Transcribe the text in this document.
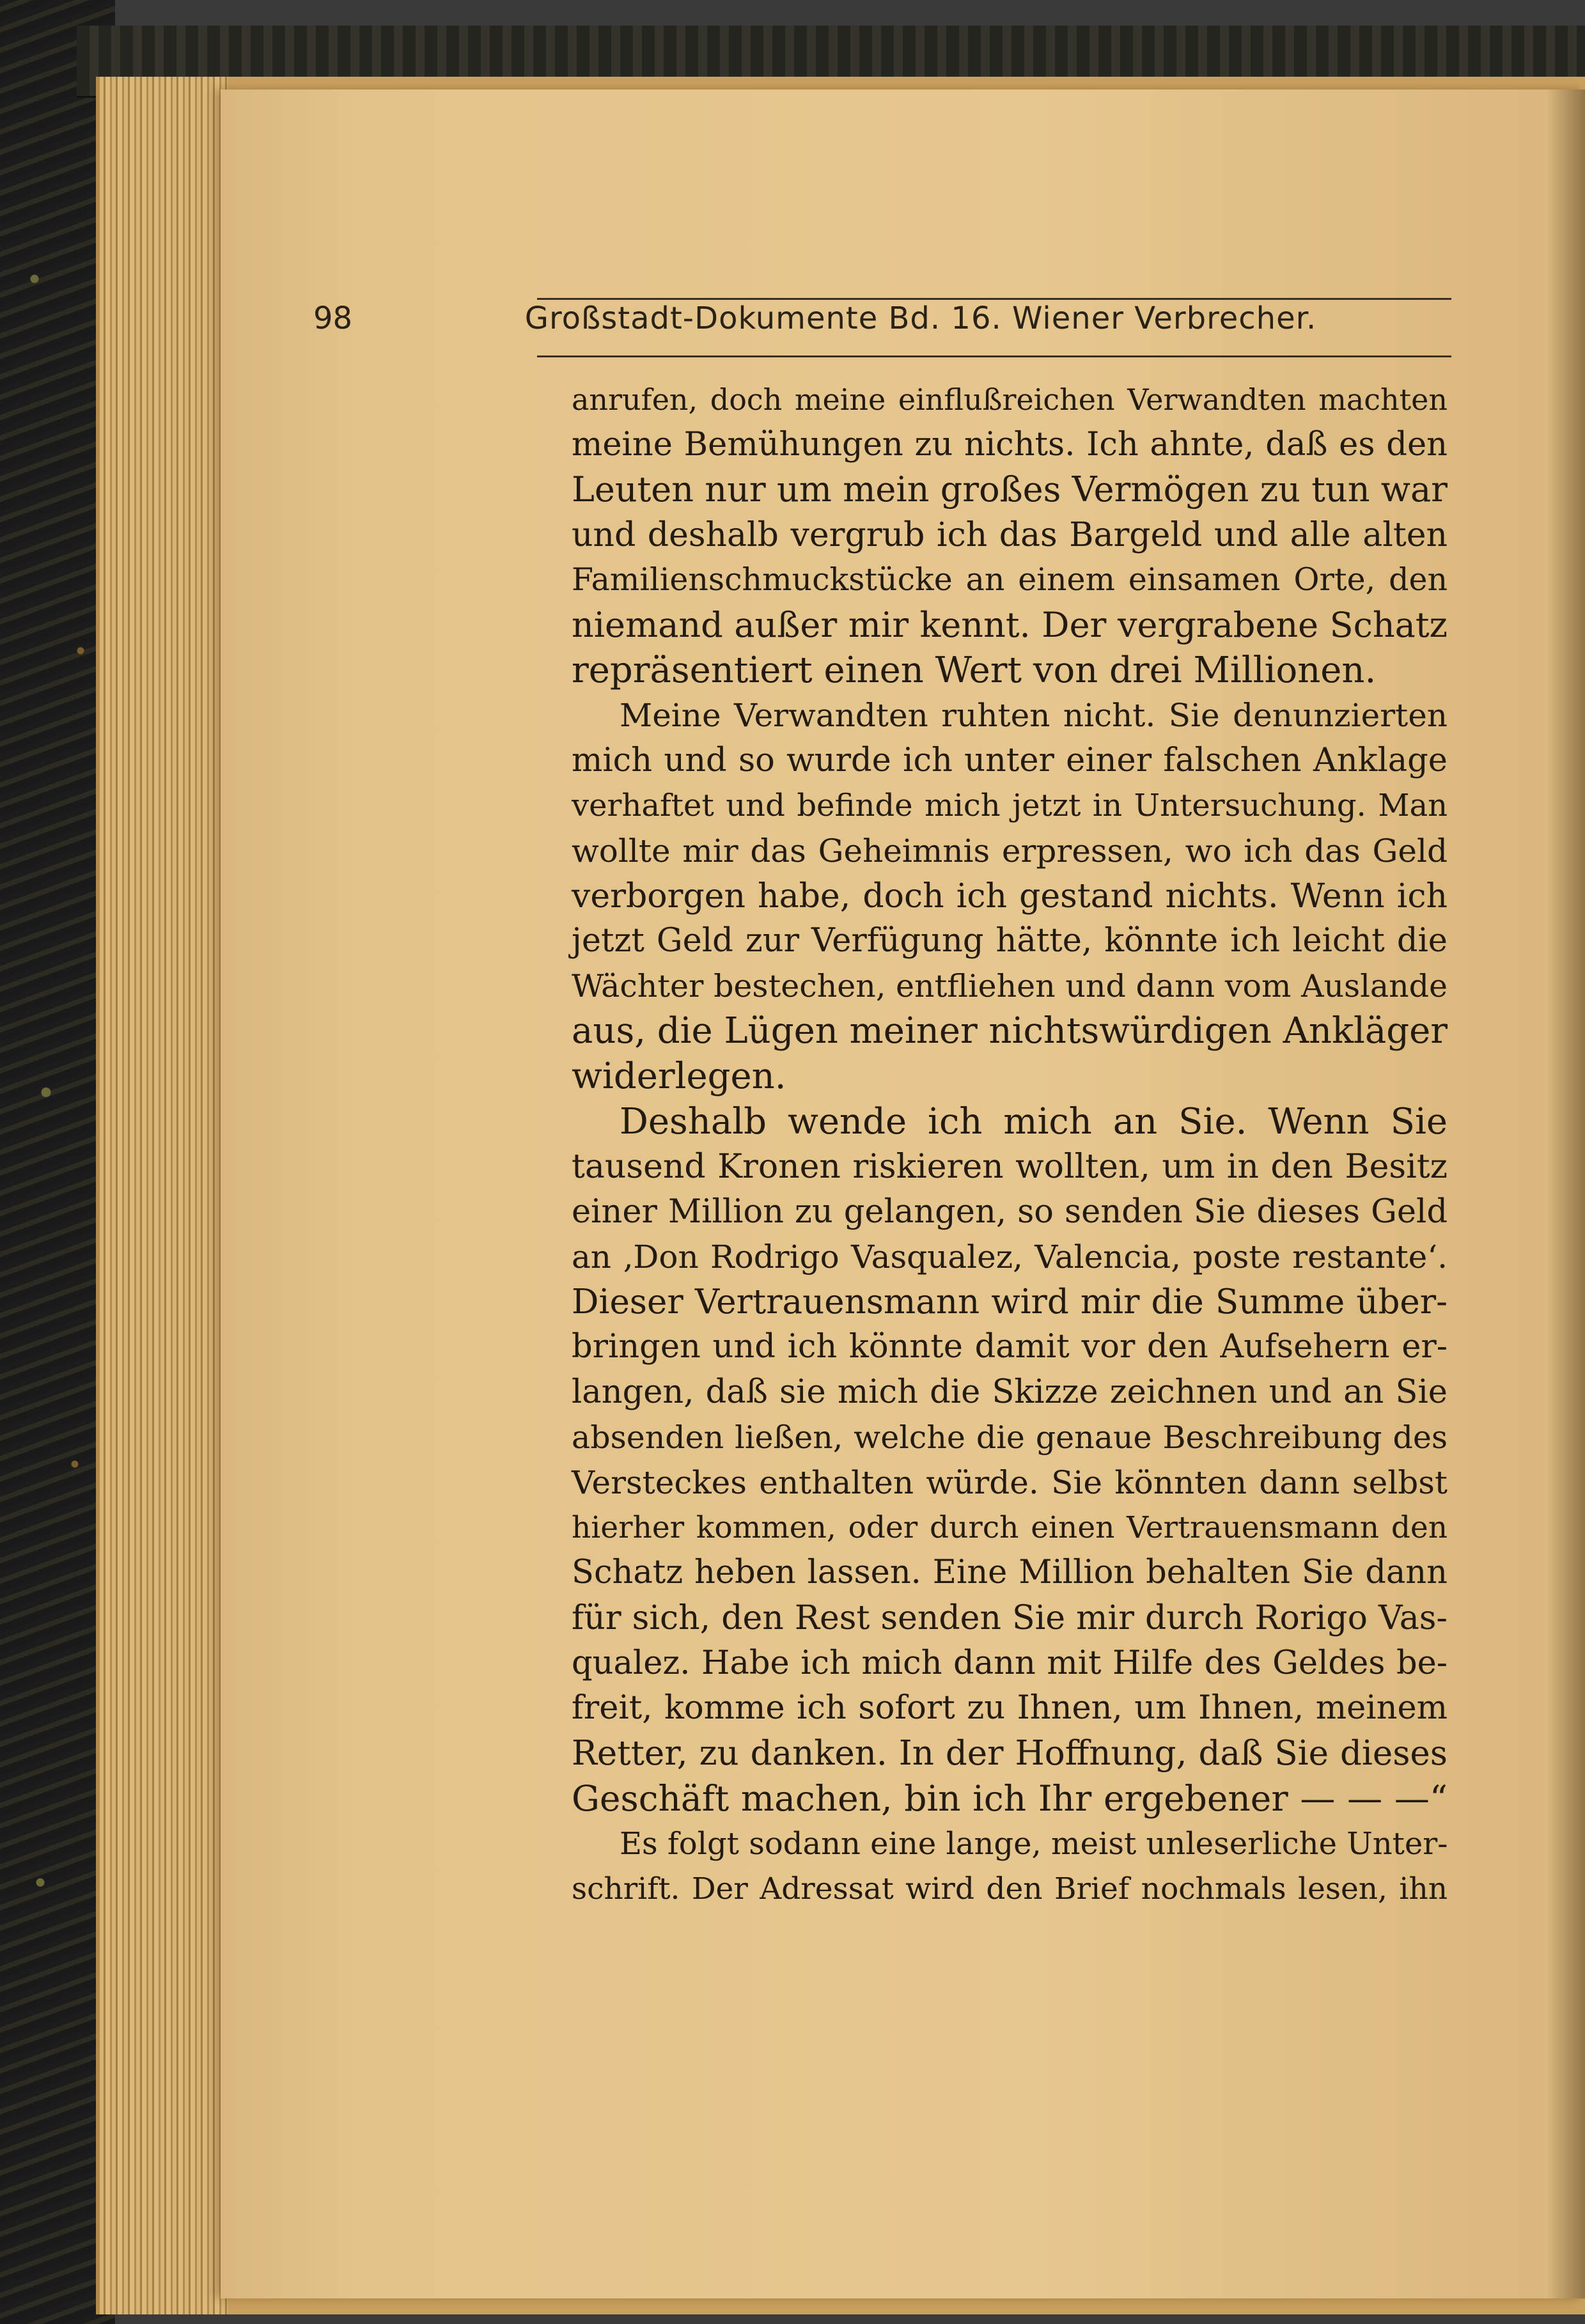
98	Großstadt-Dokumente Bd. 16. Wiener Verbrecher.
anrufen, doch meine einflußreichen Verwandten machten
meine Bemühungen zu nichts. Ich ahnte, daß es den
Leuten nur um mein großes Vermögen zu tun war
und deshalb vergrub ich das Bargeld und alle alten
Familienschmuckstücke an einem einsamen Orte, den
niemand außer mir kennt. Der vergrabene Schatz
repräsentiert einen Wert von drei Millionen.
Meine Verwandten ruhten nicht. Sie denunzierten
mich und so wurde ich unter einer falschen Anklage
verhaftet und befinde mich jetzt in Untersuchung. Man
wollte mir das Geheimnis erpressen, wo ich das Geld
verborgen habe, doch ich gestand nichts. Wenn ich
jetzt Geld zur Verfügung hätte, könnte ich leicht die
Wächter bestechen, entfliehen und dann vom Auslande
aus, die Lügen meiner nichtswürdigen Ankläger
widerlegen.
Deshalb wende ich mich an Sie. Wenn Sie
tausend Kronen riskieren wollten, um in den Besitz
einer Million zu gelangen, so senden Sie dieses Geld
an ‚Don Rodrigo Vasqualez, Valencia, poste restante‘.
Dieser Vertrauensmann wird mir die Summe über-
bringen und ich könnte damit vor den Aufsehern er-
langen, daß sie mich die Skizze zeichnen und an Sie
absenden ließen, welche die genaue Beschreibung des
Versteckes enthalten würde. Sie könnten dann selbst
hierher kommen, oder durch einen Vertrauensmann den
Schatz heben lassen. Eine Million behalten Sie dann
für sich, den Rest senden Sie mir durch Rorigo Vas-
qualez. Habe ich mich dann mit Hilfe des Geldes be-
freit, komme ich sofort zu Ihnen, um Ihnen, meinem
Retter, zu danken. In der Hoffnung, daß Sie dieses
Geschäft machen, bin ich Ihr ergebener — — —“
Es folgt sodann eine lange, meist unleserliche Unter-
schrift. Der Adressat wird den Brief nochmals lesen, ihn
